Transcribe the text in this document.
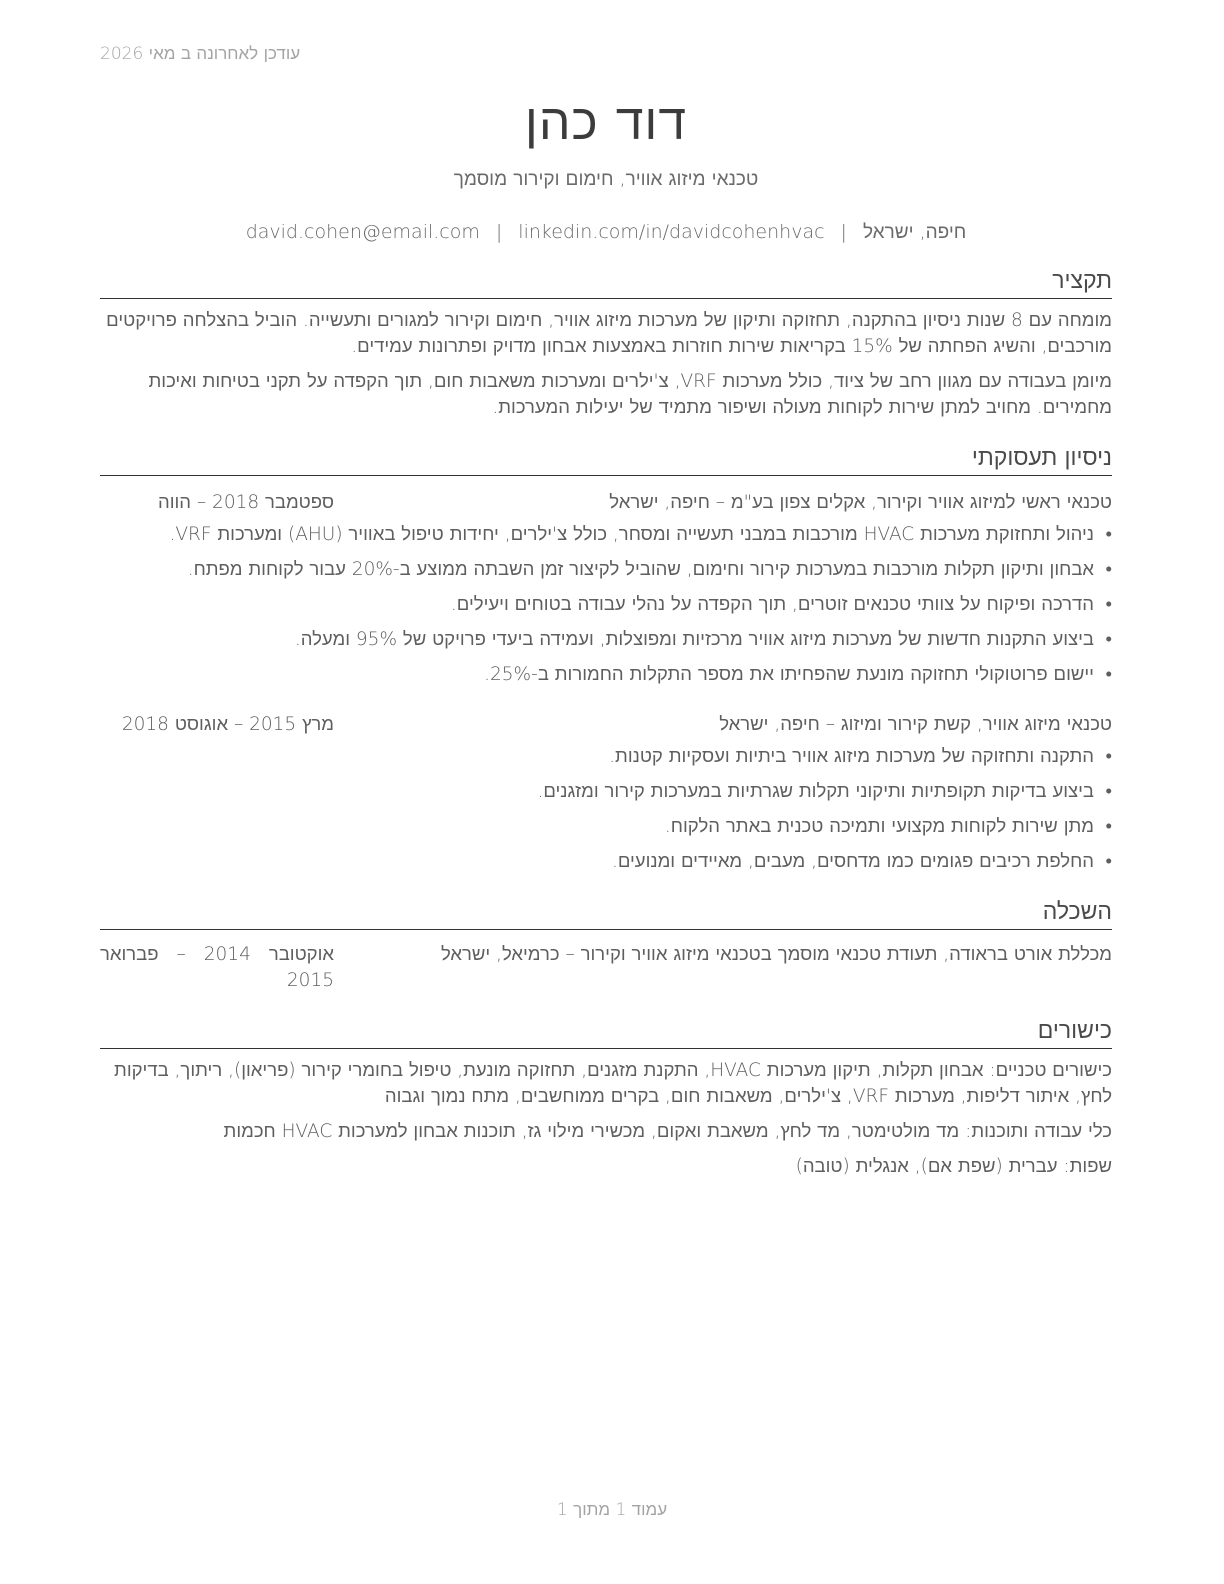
עודכן לאחרונה ב מאי 2026
דוד כהן
טכנאי מיזוג אוויר, חימום וקירור מוסמך
חיפה, ישראל|david.cohen@email.com | linkedin.com/in/davidcohenhvac
תקציר
מומחה עם 8 שנות ניסיון בהתקנה, תחזוקה ותיקון של מערכות מיזוג אוויר, חימום וקירור למגורים ותעשייה. הוביל בהצלחה פרויקטים מורכבים, והשיג הפחתה של 15% בקריאות שירות חוזרות באמצעות אבחון מדויק ופתרונות עמידים.
מיומן בעבודה עם מגוון רחב של ציוד, כולל מערכות VRF, צ'ילרים ומערכות משאבות חום, תוך הקפדה על תקני בטיחות ואיכות מחמירים. מחויב למתן שירות לקוחות מעולה ושיפור מתמיד של יעילות המערכות.
ניסיון תעסוקתי
טכנאי ראשי למיזוג אוויר וקירור, אקלים צפון בע"מ – חיפה, ישראל
ספטמבר 2018 – הווה
•
ניהול ותחזוקת מערכות HVAC מורכבות במבני תעשייה ומסחר, כולל צ'ילרים, יחידות טיפול באוויר (AHU) ומערכות VRF.
•
אבחון ותיקון תקלות מורכבות במערכות קירור וחימום, שהוביל לקיצור זמן השבתה ממוצע ב-20% עבור לקוחות מפתח.
•
הדרכה ופיקוח על צוותי טכנאים זוטרים, תוך הקפדה על נהלי עבודה בטוחים ויעילים.
•
ביצוע התקנות חדשות של מערכות מיזוג אוויר מרכזיות ומפוצלות, ועמידה ביעדי פרויקט של 95% ומעלה.
•
יישום פרוטוקולי תחזוקה מונעת שהפחיתו את מספר התקלות החמורות ב-25%.
טכנאי מיזוג אוויר, קשת קירור ומיזוג – חיפה, ישראל
מרץ 2015 – אוגוסט 2018
•
התקנה ותחזוקה של מערכות מיזוג אוויר ביתיות ועסקיות קטנות.
•
ביצוע בדיקות תקופתיות ותיקוני תקלות שגרתיות במערכות קירור ומזגנים.
•
מתן שירות לקוחות מקצועי ותמיכה טכנית באתר הלקוח.
•
החלפת רכיבים פגומים כמו מדחסים, מעבים, מאיידים ומנועים.
השכלה
מכללת אורט בראודה, תעודת טכנאי מוסמך בטכנאי מיזוג אוויר וקירור – כרמיאל, ישראל
אוקטובר 2014 – פברואר 2015
כישורים
כישורים טכניים: אבחון תקלות, תיקון מערכות HVAC, התקנת מזגנים, תחזוקה מונעת, טיפול בחומרי קירור (פריאון), ריתוך, בדיקות לחץ, איתור דליפות, מערכות VRF, צ'ילרים, משאבות חום, בקרים ממוחשבים, מתח נמוך וגבוה
כלי עבודה ותוכנות: מד מולטימטר, מד לחץ, משאבת ואקום, מכשירי מילוי גז, תוכנות אבחון למערכות HVAC חכמות
שפות: עברית (שפת אם), אנגלית (טובה)
עמוד 1 מתוך 1
